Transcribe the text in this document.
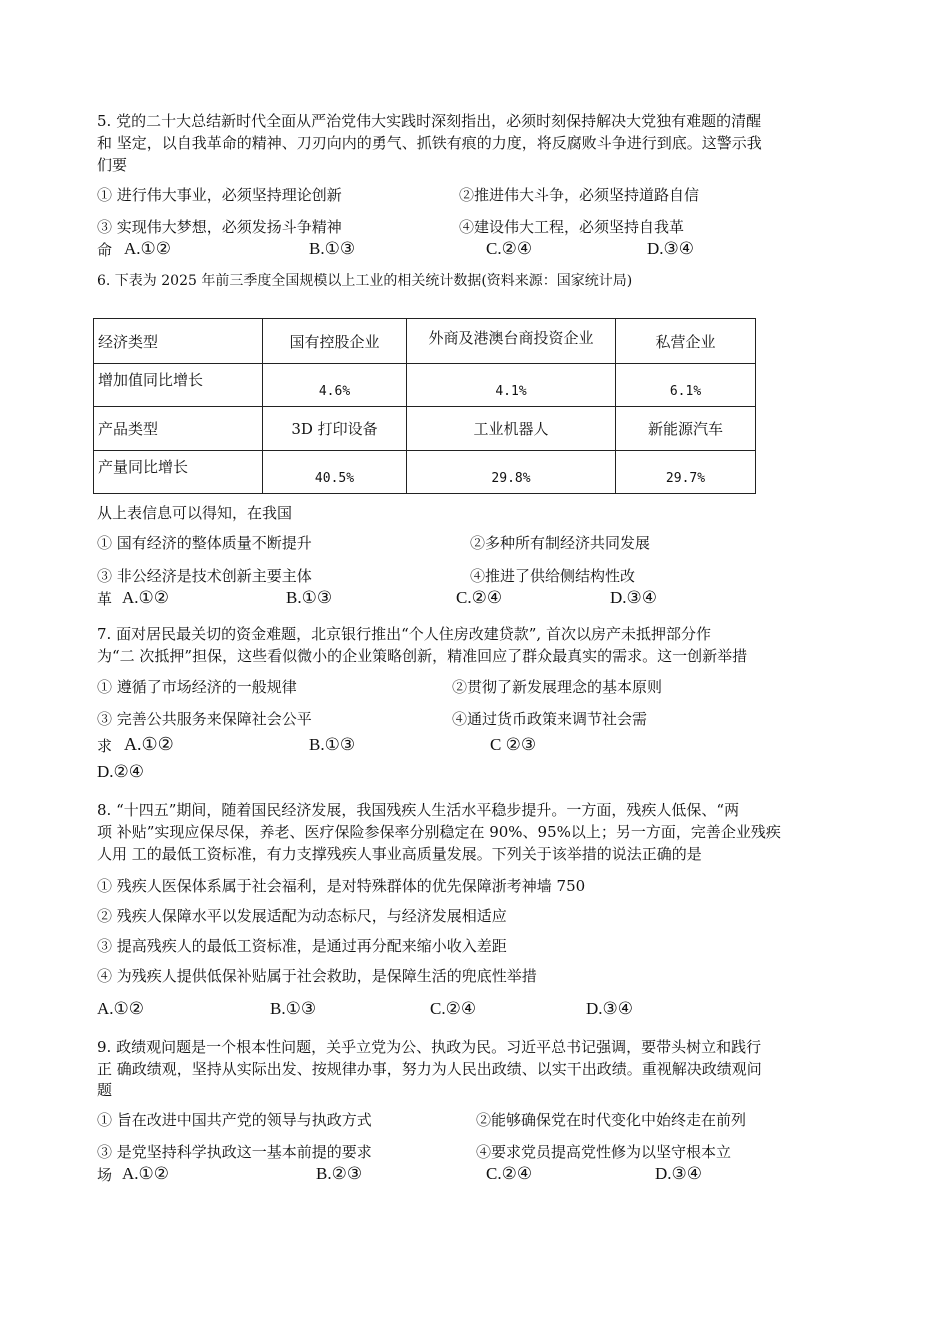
5. 党的二十大总结新时代全面从严治党伟大实践时深刻指出，必须时刻保持解决大党独有难题的清醒
和 坚定，以自我革命的精神、刀刃向内的勇气、抓铁有痕的力度，将反腐败斗争进行到底。这警示我
们要
① 进行伟大事业，必须坚持理论创新	②推进伟大斗争，必须坚持道路自信
③ 实现伟大梦想，必须发扬斗争精神	④建设伟大工程，必须坚持自我革
命 A.①②	B.①③	C.②④	D.③④
6. 下表为 2025 年前三季度全国规模以上工业的相关统计数据(资料来源：国家统计局)
经济类型	国有控股企业	外商及港澳台商投资企业	私营企业
增加值同比增长	4.6%	4.1%	6.1%
产品类型	3D 打印设备	工业机器人	新能源汽车
产量同比增长	40.5%	29.8%	29.7%
从上表信息可以得知，在我国
① 国有经济的整体质量不断提升	②多种所有制经济共同发展
③ 非公经济是技术创新主要主体	④推进了供给侧结构性改
革 A.①②	B.①③	C.②④	D.③④
7. 面对居民最关切的资金难题，北京银行推出“个人住房改建贷款”, 首次以房产未抵押部分作
为“二 次抵押”担保，这些看似微小的企业策略创新，精准回应了群众最真实的需求。这一创新举措
① 遵循了市场经济的一般规律	②贯彻了新发展理念的基本原则
③ 完善公共服务来保障社会公平	④通过货币政策来调节社会需
求 A.①②	B.①③	C ②③
D.②④
8. “十四五”期间，随着国民经济发展，我国残疾人生活水平稳步提升。一方面，残疾人低保、“两
项 补贴”实现应保尽保，养老、医疗保险参保率分别稳定在 90%、95%以上；另一方面，完善企业残疾
人用 工的最低工资标准，有力支撑残疾人事业高质量发展。下列关于该举措的说法正确的是
① 残疾人医保体系属于社会福利，是对特殊群体的优先保障浙考神墙 750
② 残疾人保障水平以发展适配为动态标尺，与经济发展相适应
③ 提高残疾人的最低工资标准，是通过再分配来缩小收入差距
④ 为残疾人提供低保补贴属于社会救助，是保障生活的兜底性举措
A.①②	B.①③	C.②④	D.③④
9. 政绩观问题是一个根本性问题，关乎立党为公、执政为民。习近平总书记强调，要带头树立和践行
正 确政绩观，坚持从实际出发、按规律办事，努力为人民出政绩、以实干出政绩。重视解决政绩观问
题
① 旨在改进中国共产党的领导与执政方式	②能够确保党在时代变化中始终走在前列
③ 是党坚持科学执政这一基本前提的要求	④要求党员提高党性修为以坚守根本立
场 A.①②	B.②③	C.②④	D.③④
